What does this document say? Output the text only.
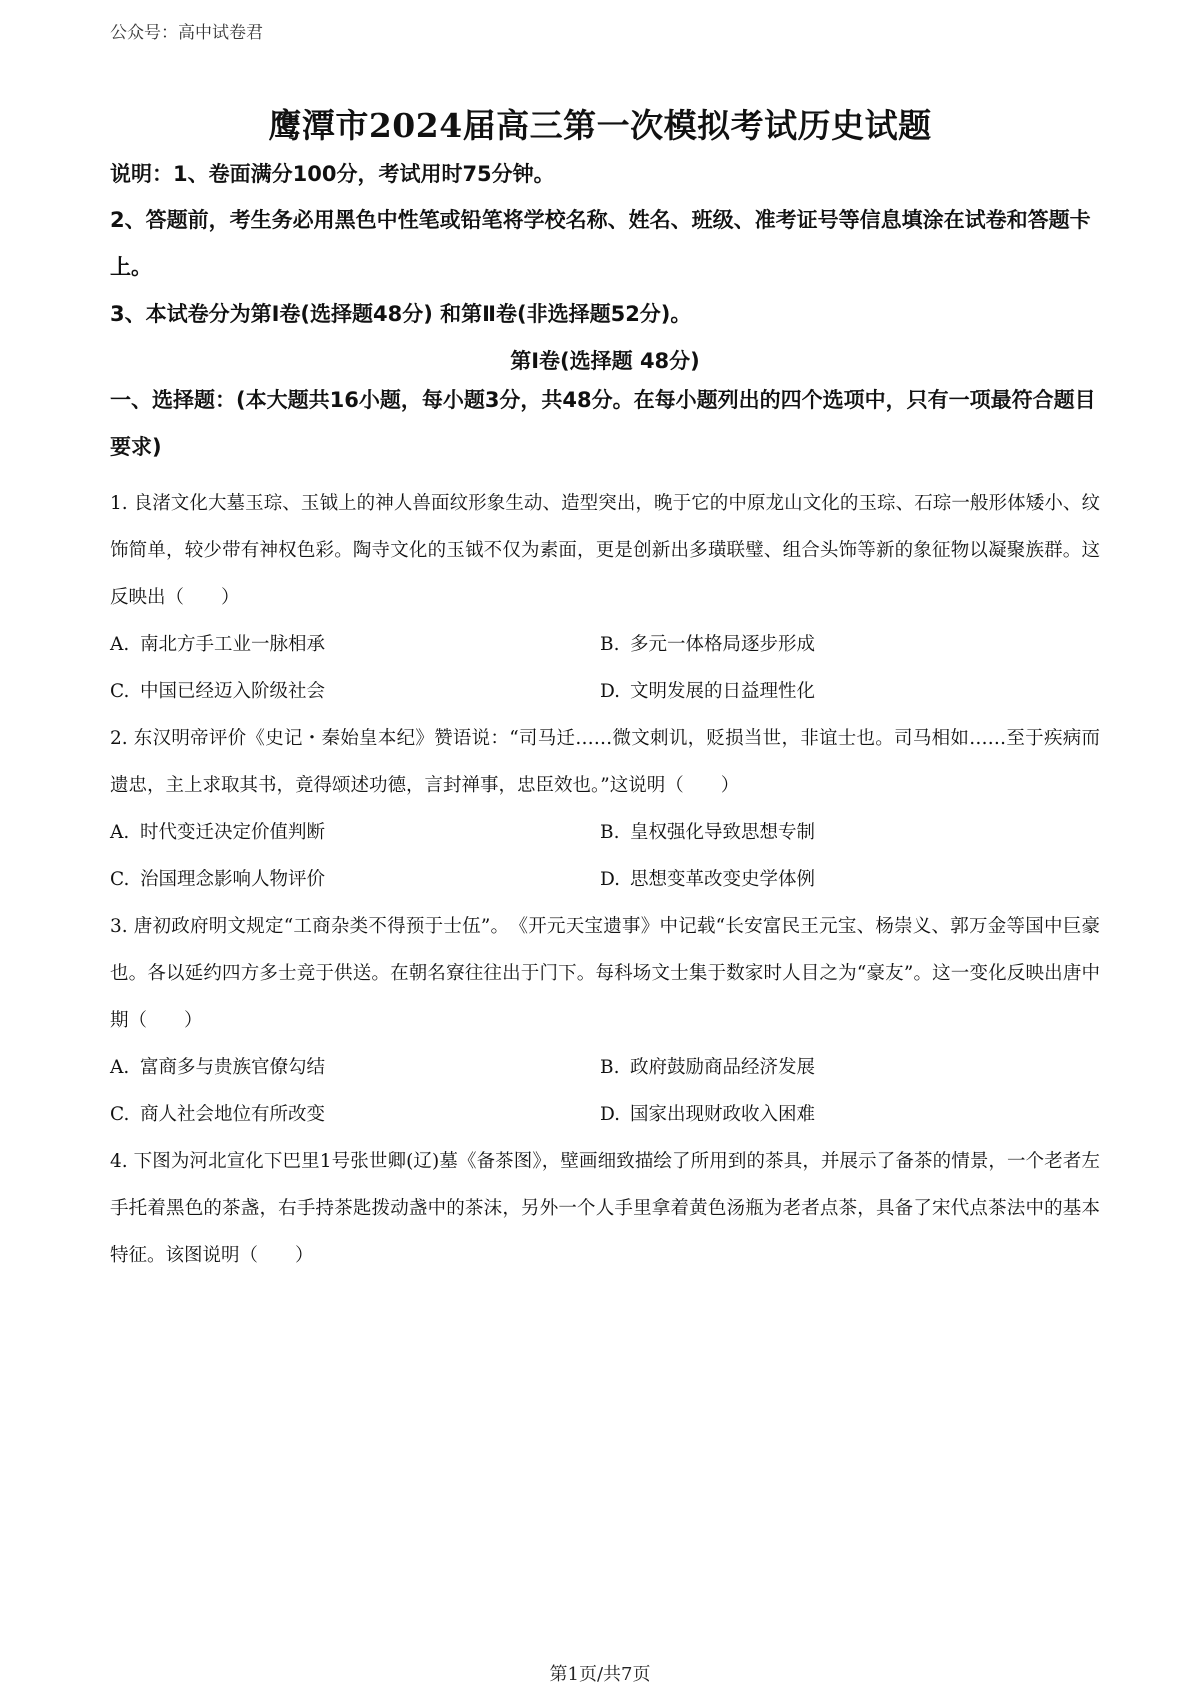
公众号：高中试卷君
鹰潭市2024届高三第一次模拟考试历史试题
说明：1、卷面满分100分，考试用时75分钟。
2、答题前，考生务必用黑色中性笔或铅笔将学校名称、姓名、班级、准考证号等信息填涂在试卷和答题卡上。
3、本试卷分为第Ⅰ卷(选择题48分) 和第Ⅱ卷(非选择题52分)。
第Ⅰ卷(选择题 48分)
一、选择题：(本大题共16小题，每小题3分，共48分。在每小题列出的四个选项中，只有一项最符合题目要求)

1. 良渚文化大墓玉琮、玉钺上的神人兽面纹形象生动、造型突出，晚于它的中原龙山文化的玉琮、石琮一般形体矮小、纹饰简单，较少带有神权色彩。陶寺文化的玉钺不仅为素面，更是创新出多璜联璧、组合头饰等新的象征物以凝聚族群。这反映出（　　）

A. 南北方手工业一脉相承	B. 多元一体格局逐步形成
C. 中国已经迈入阶级社会	D. 文明发展的日益理性化

2. 东汉明帝评价《史记・秦始皇本纪》赞语说：“司马迁……微文刺讥，贬损当世，非谊士也。司马相如……至于疾病而遗忠，主上求取其书，竟得颂述功德，言封禅事，忠臣效也。”这说明（　　）

A. 时代变迁决定价值判断	B. 皇权强化导致思想专制
C. 治国理念影响人物评价	D. 思想变革改变史学体例

3. 唐初政府明文规定“工商杂类不得预于士伍”。　《开元天宝遗事》中记载“长安富民王元宝、杨崇义、郭万金等国中巨豪也。各以延约四方多士竞于供送。在朝名寮往往出于门下。每科场文士集于数家时人目之为“豪友”。这一变化反映出唐中期（　　）

A. 富商多与贵族官僚勾结	B. 政府鼓励商品经济发展
C. 商人社会地位有所改变	D. 国家出现财政收入困难

4. 下图为河北宣化下巴里1号张世卿(辽)墓《备茶图》，壁画细致描绘了所用到的茶具，并展示了备茶的情景，一个老者左手托着黑色的茶盏，右手持茶匙拨动盏中的茶沫，另外一个人手里拿着黄色汤瓶为老者点茶，具备了宋代点茶法中的基本特征。该图说明（　　）

第1页/共7页
